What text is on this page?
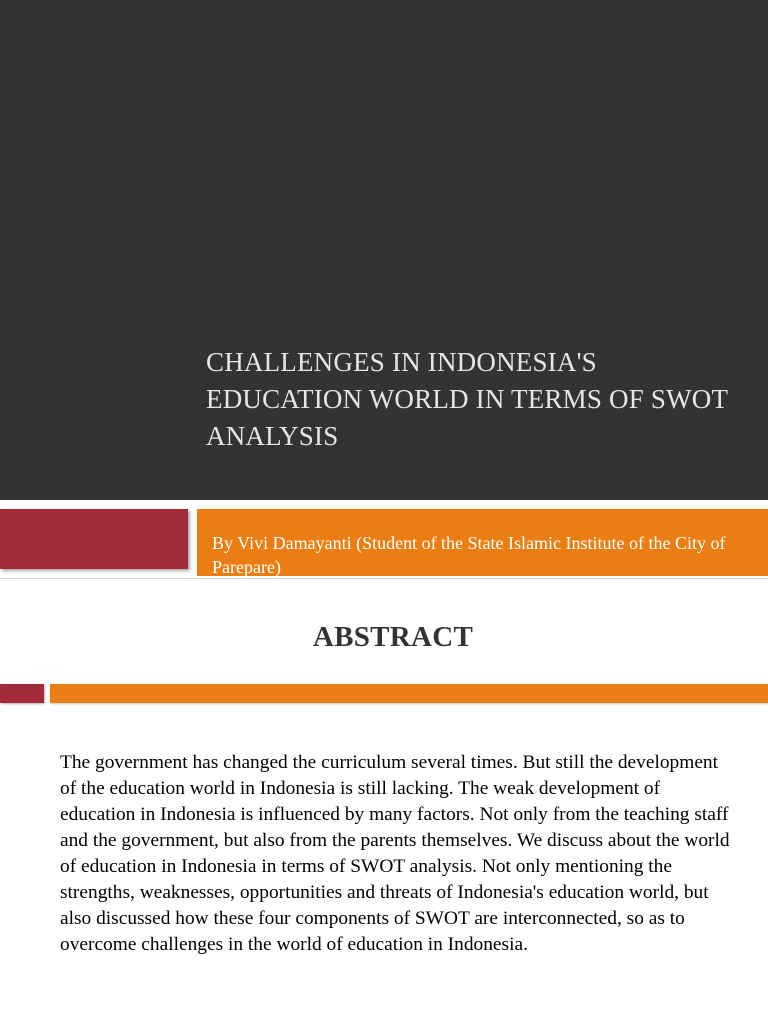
CHALLENGES IN INDONESIA'S EDUCATION WORLD IN TERMS OF SWOT ANALYSIS

By Vivi Damayanti (Student of the State Islamic Institute of the City of Parepare)

ABSTRACT

The government has changed the curriculum several times. But still the development of the education world in Indonesia is still lacking. The weak development of education in Indonesia is influenced by many factors. Not only from the teaching staff and the government, but also from the parents themselves. We discuss about the world of education in Indonesia in terms of SWOT analysis. Not only mentioning the strengths, weaknesses, opportunities and threats of Indonesia's education world, but also discussed how these four components of SWOT are interconnected, so as to overcome challenges in the world of education in Indonesia.
